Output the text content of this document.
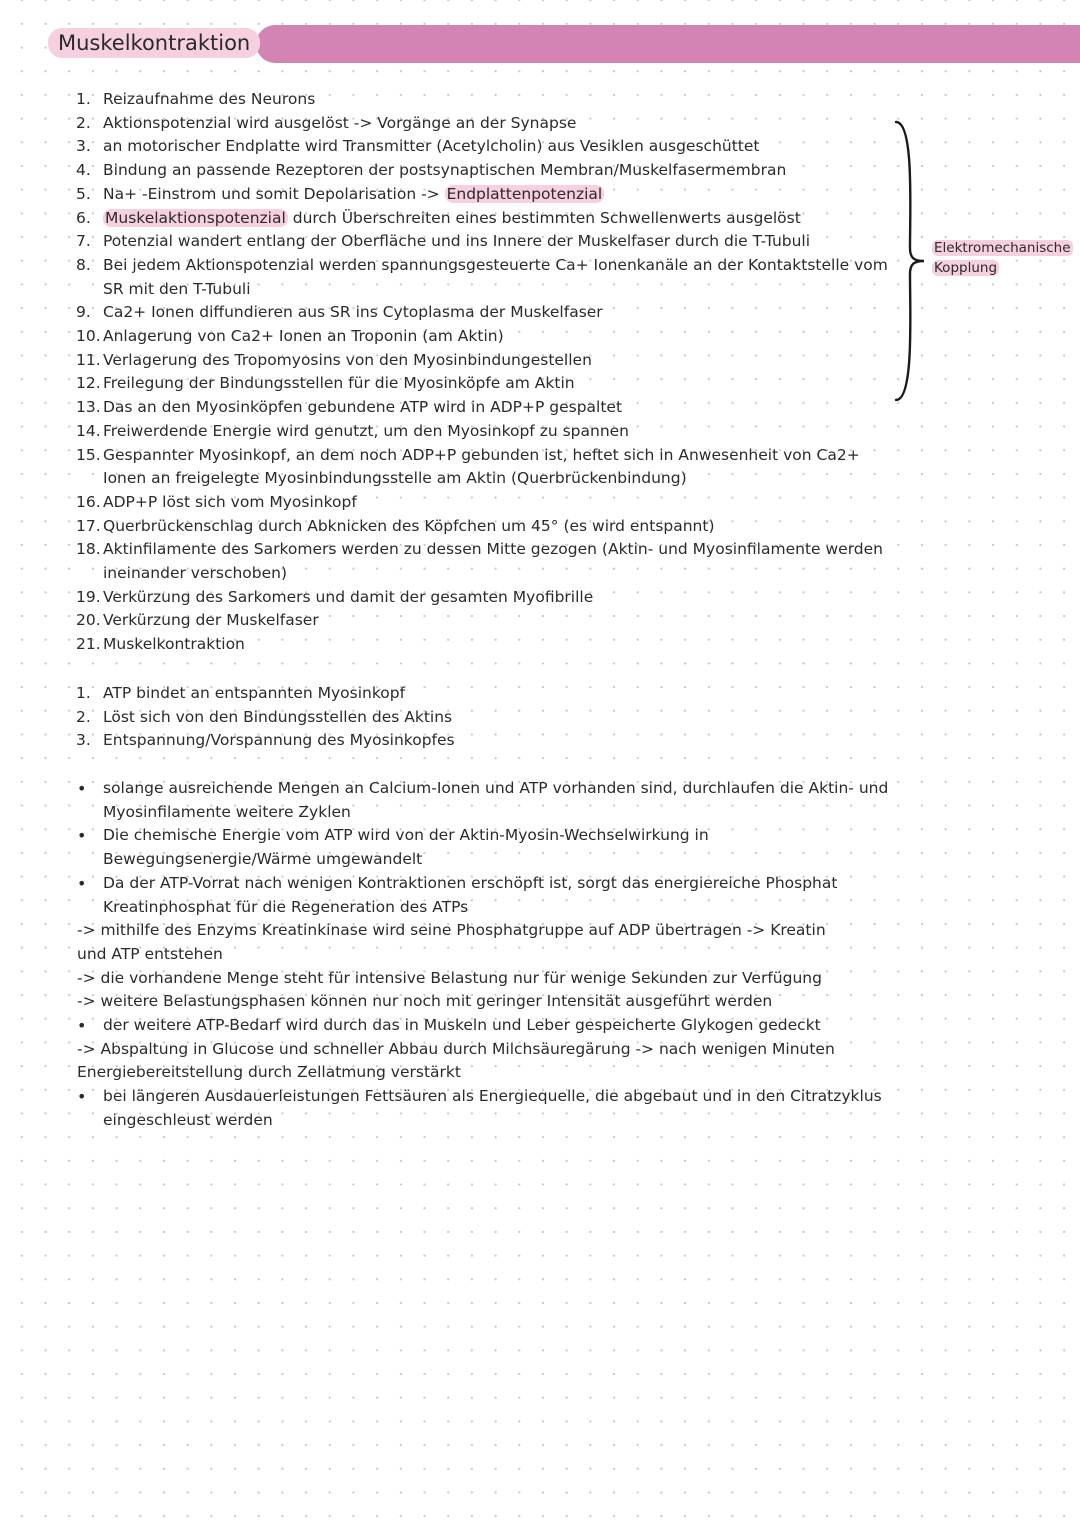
Muskelkontraktion
1. Reizaufnahme des Neurons
2. Aktionspotenzial wird ausgelöst -> Vorgänge an der Synapse
3. an motorischer Endplatte wird Transmitter (Acetylcholin) aus Vesiklen ausgeschüttet
4. Bindung an passende Rezeptoren der postsynaptischen Membran/Muskelfasermembran
5. Na+ -Einstrom und somit Depolarisation -> Endplattenpotenzial
6. Muskelaktionspotenzial durch Überschreiten eines bestimmten Schwellenwerts ausgelöst
7. Potenzial wandert entlang der Oberfläche und ins Innere der Muskelfaser durch die T-Tubuli
8. Bei jedem Aktionspotenzial werden spannungsgesteuerte Ca+ Ionenkanäle an der Kontaktstelle vom SR mit den T-Tubuli
9. Ca2+ Ionen diffundieren aus SR ins Cytoplasma der Muskelfaser
10. Anlagerung von Ca2+ Ionen an Troponin (am Aktin)
11. Verlagerung des Tropomyosins von den Myosinbindungestellen
12. Freilegung der Bindungsstellen für die Myosinköpfe am Aktin
13. Das an den Myosinköpfen gebundene ATP wird in ADP+P gespaltet
14. Freiwerdende Energie wird genutzt, um den Myosinkopf zu spannen
15. Gespannter Myosinkopf, an dem noch ADP+P gebunden ist, heftet sich in Anwesenheit von Ca2+ Ionen an freigelegte Myosinbindungsstelle am Aktin (Querbrückenbindung)
16. ADP+P löst sich vom Myosinkopf
17. Querbrückenschlag durch Abknicken des Köpfchen um 45° (es wird entspannt)
18. Aktinfilamente des Sarkomers werden zu dessen Mitte gezogen (Aktin- und Myosinfilamente werden ineinander verschoben)
19. Verkürzung des Sarkomers und damit der gesamten Myofibrille
20. Verkürzung der Muskelfaser
21. Muskelkontraktion
Elektromechanische
Kopplung
1. ATP bindet an entspannten Myosinkopf
2. Löst sich von den Bindungsstellen des Aktins
3. Entspannung/Vorspannung des Myosinkopfes
• solange ausreichende Mengen an Calcium-Ionen und ATP vorhanden sind, durchlaufen die Aktin- und Myosinfilamente weitere Zyklen
• Die chemische Energie vom ATP wird von der Aktin-Myosin-Wechselwirkung in Bewegungsenergie/Wärme umgewandelt
• Da der ATP-Vorrat nach wenigen Kontraktionen erschöpft ist, sorgt das energiereiche Phosphat Kreatinphosphat für die Regeneration des ATPs
-> mithilfe des Enzyms Kreatinkinase wird seine Phosphatgruppe auf ADP übertragen -> Kreatin und ATP entstehen
-> die vorhandene Menge steht für intensive Belastung nur für wenige Sekunden zur Verfügung
-> weitere Belastungsphasen können nur noch mit geringer Intensität ausgeführt werden
• der weitere ATP-Bedarf wird durch das in Muskeln und Leber gespeicherte Glykogen gedeckt
-> Abspaltung in Glucose und schneller Abbau durch Milchsäuregärung -> nach wenigen Minuten Energiebereitstellung durch Zellatmung verstärkt
• bei längeren Ausdauerleistungen Fettsäuren als Energiequelle, die abgebaut und in den Citratzyklus eingeschleust werden
